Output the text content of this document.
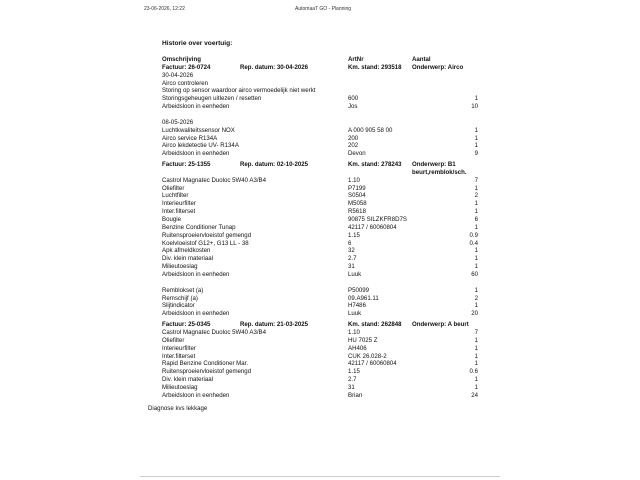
23-06-2026, 12:22	AutomaaT GO - Planning
Historie over voertuig:
Omschrijving	ArtNr	Aantal
Factuur: 26-0724	Rep. datum: 30-04-2026	Km. stand: 293518 Onderwerp: Airco
30-04-2026
Airco controleren
Storing op sensor waardoor airco vermoedelijk niet werkt
Storingsgeheugen uitlezen / resetten	600	1
Arbeidsloon in eenheden	Jos	10
08-05-2026
Luchtkwaliteitssensor NOX	A 000 905 58 00	1
Airco service R134A	200	1
Airco lekdetectie UV- R134A	202	1
Arbeidsloon in eenheden	Devon	9
Factuur: 25-1355	Rep. datum: 02-10-2025	Km. stand: 278243 Onderwerp: B1
beurt,remblok/sch.
Castrol Magnatec Duoloc 5W40 A3/B4	1.10	7
Oliefilter	P7199	1
Luchtfilter	S0504	2
Interieurfilter	M5058	1
Inter.filterset	R5618	1
Bougie	90875 SILZKFR8D7S	6
Benzine Conditioner Tunap	42117 / 60060804	1
Ruitensproeiervloeistof gemengd	1.15	0.9
Koelvloeistof G12+, G13 LL - 38	6	0.4
Apk afmeldkosten	32	1
Div. klein materiaal	2.7	1
Milieutoeslag	31	1
Arbeidsloon in eenheden	Luuk	60
Remblokset (a)	P50099	1
Remschijf (a)	09.A961.11	2
Slijtindicator	H7486	1
Arbeidsloon in eenheden	Luuk	20
Factuur: 25-0345	Rep. datum: 21-03-2025	Km. stand: 262848 Onderwerp: A beurt
Castrol Magnatec Duoloc 5W40 A3/B4	1.10	7
Oliefilter	HU 7025 Z	1
Interieurfilter	AH406	1
Inter.filterset	CUK 26.028-2	1
Rapid Benzine Conditioner Mar.	42117 / 60060804	1
Ruitensproeiervloeistof gemengd	1.15	0.6
Div. klein materiaal	2.7	1
Milieutoeslag	31	1
Arbeidsloon in eenheden	Brian	24
Diagnose kvs lekkage
